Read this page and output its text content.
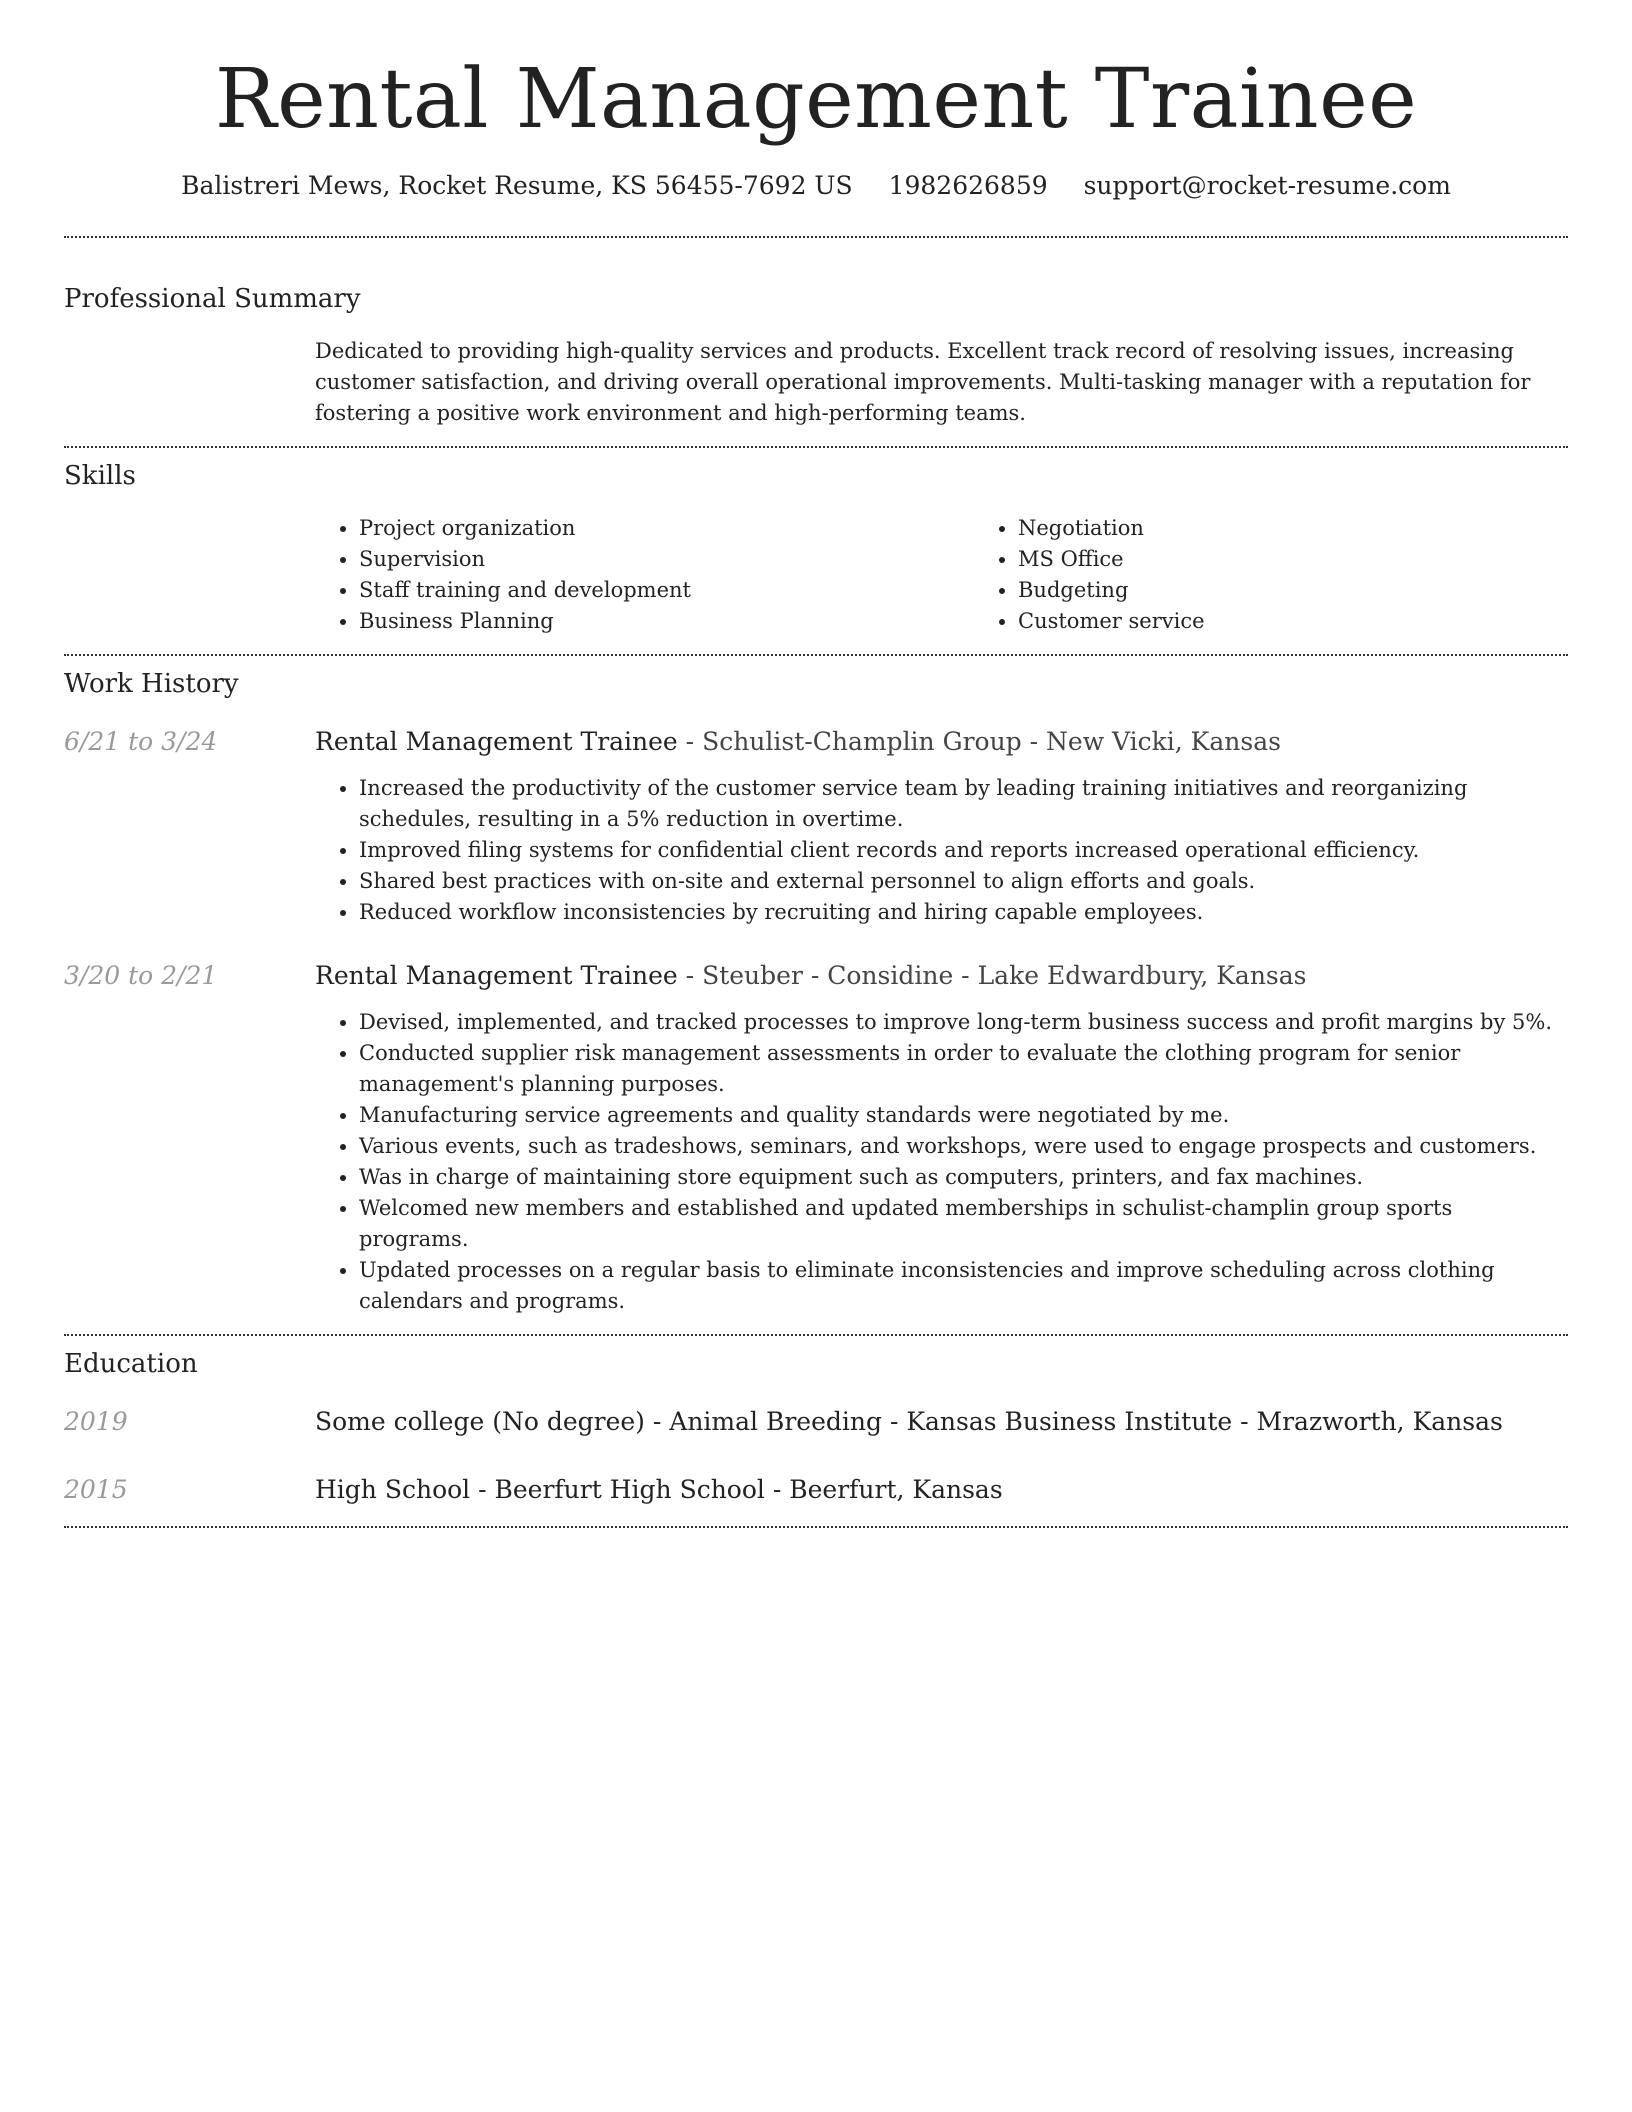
Rental Management Trainee
Balistreri Mews, Rocket Resume, KS 56455-7692 US 1982626859 support@rocket-resume.com
Professional Summary
Dedicated to providing high-quality services and products. Excellent track record of resolving issues, increasing customer satisfaction, and driving overall operational improvements. Multi-tasking manager with a reputation for fostering a positive work environment and high-performing teams.
Skills
• Project organization
• Supervision
• Staff training and development
• Business Planning
• Negotiation
• MS Office
• Budgeting
• Customer service
Work History
6/21 to 3/24	Rental Management Trainee - Schulist-Champlin Group - New Vicki, Kansas
• Increased the productivity of the customer service team by leading training initiatives and reorganizing schedules, resulting in a 5% reduction in overtime.
• Improved filing systems for confidential client records and reports increased operational efficiency.
• Shared best practices with on-site and external personnel to align efforts and goals.
• Reduced workflow inconsistencies by recruiting and hiring capable employees.
3/20 to 2/21	Rental Management Trainee - Steuber - Considine - Lake Edwardbury, Kansas
• Devised, implemented, and tracked processes to improve long-term business success and profit margins by 5%.
• Conducted supplier risk management assessments in order to evaluate the clothing program for senior management's planning purposes.
• Manufacturing service agreements and quality standards were negotiated by me.
• Various events, such as tradeshows, seminars, and workshops, were used to engage prospects and customers.
• Was in charge of maintaining store equipment such as computers, printers, and fax machines.
• Welcomed new members and established and updated memberships in schulist-champlin group sports programs.
• Updated processes on a regular basis to eliminate inconsistencies and improve scheduling across clothing calendars and programs.
Education
2019	Some college (No degree) - Animal Breeding - Kansas Business Institute - Mrazworth, Kansas
2015	High School - Beerfurt High School - Beerfurt, Kansas
